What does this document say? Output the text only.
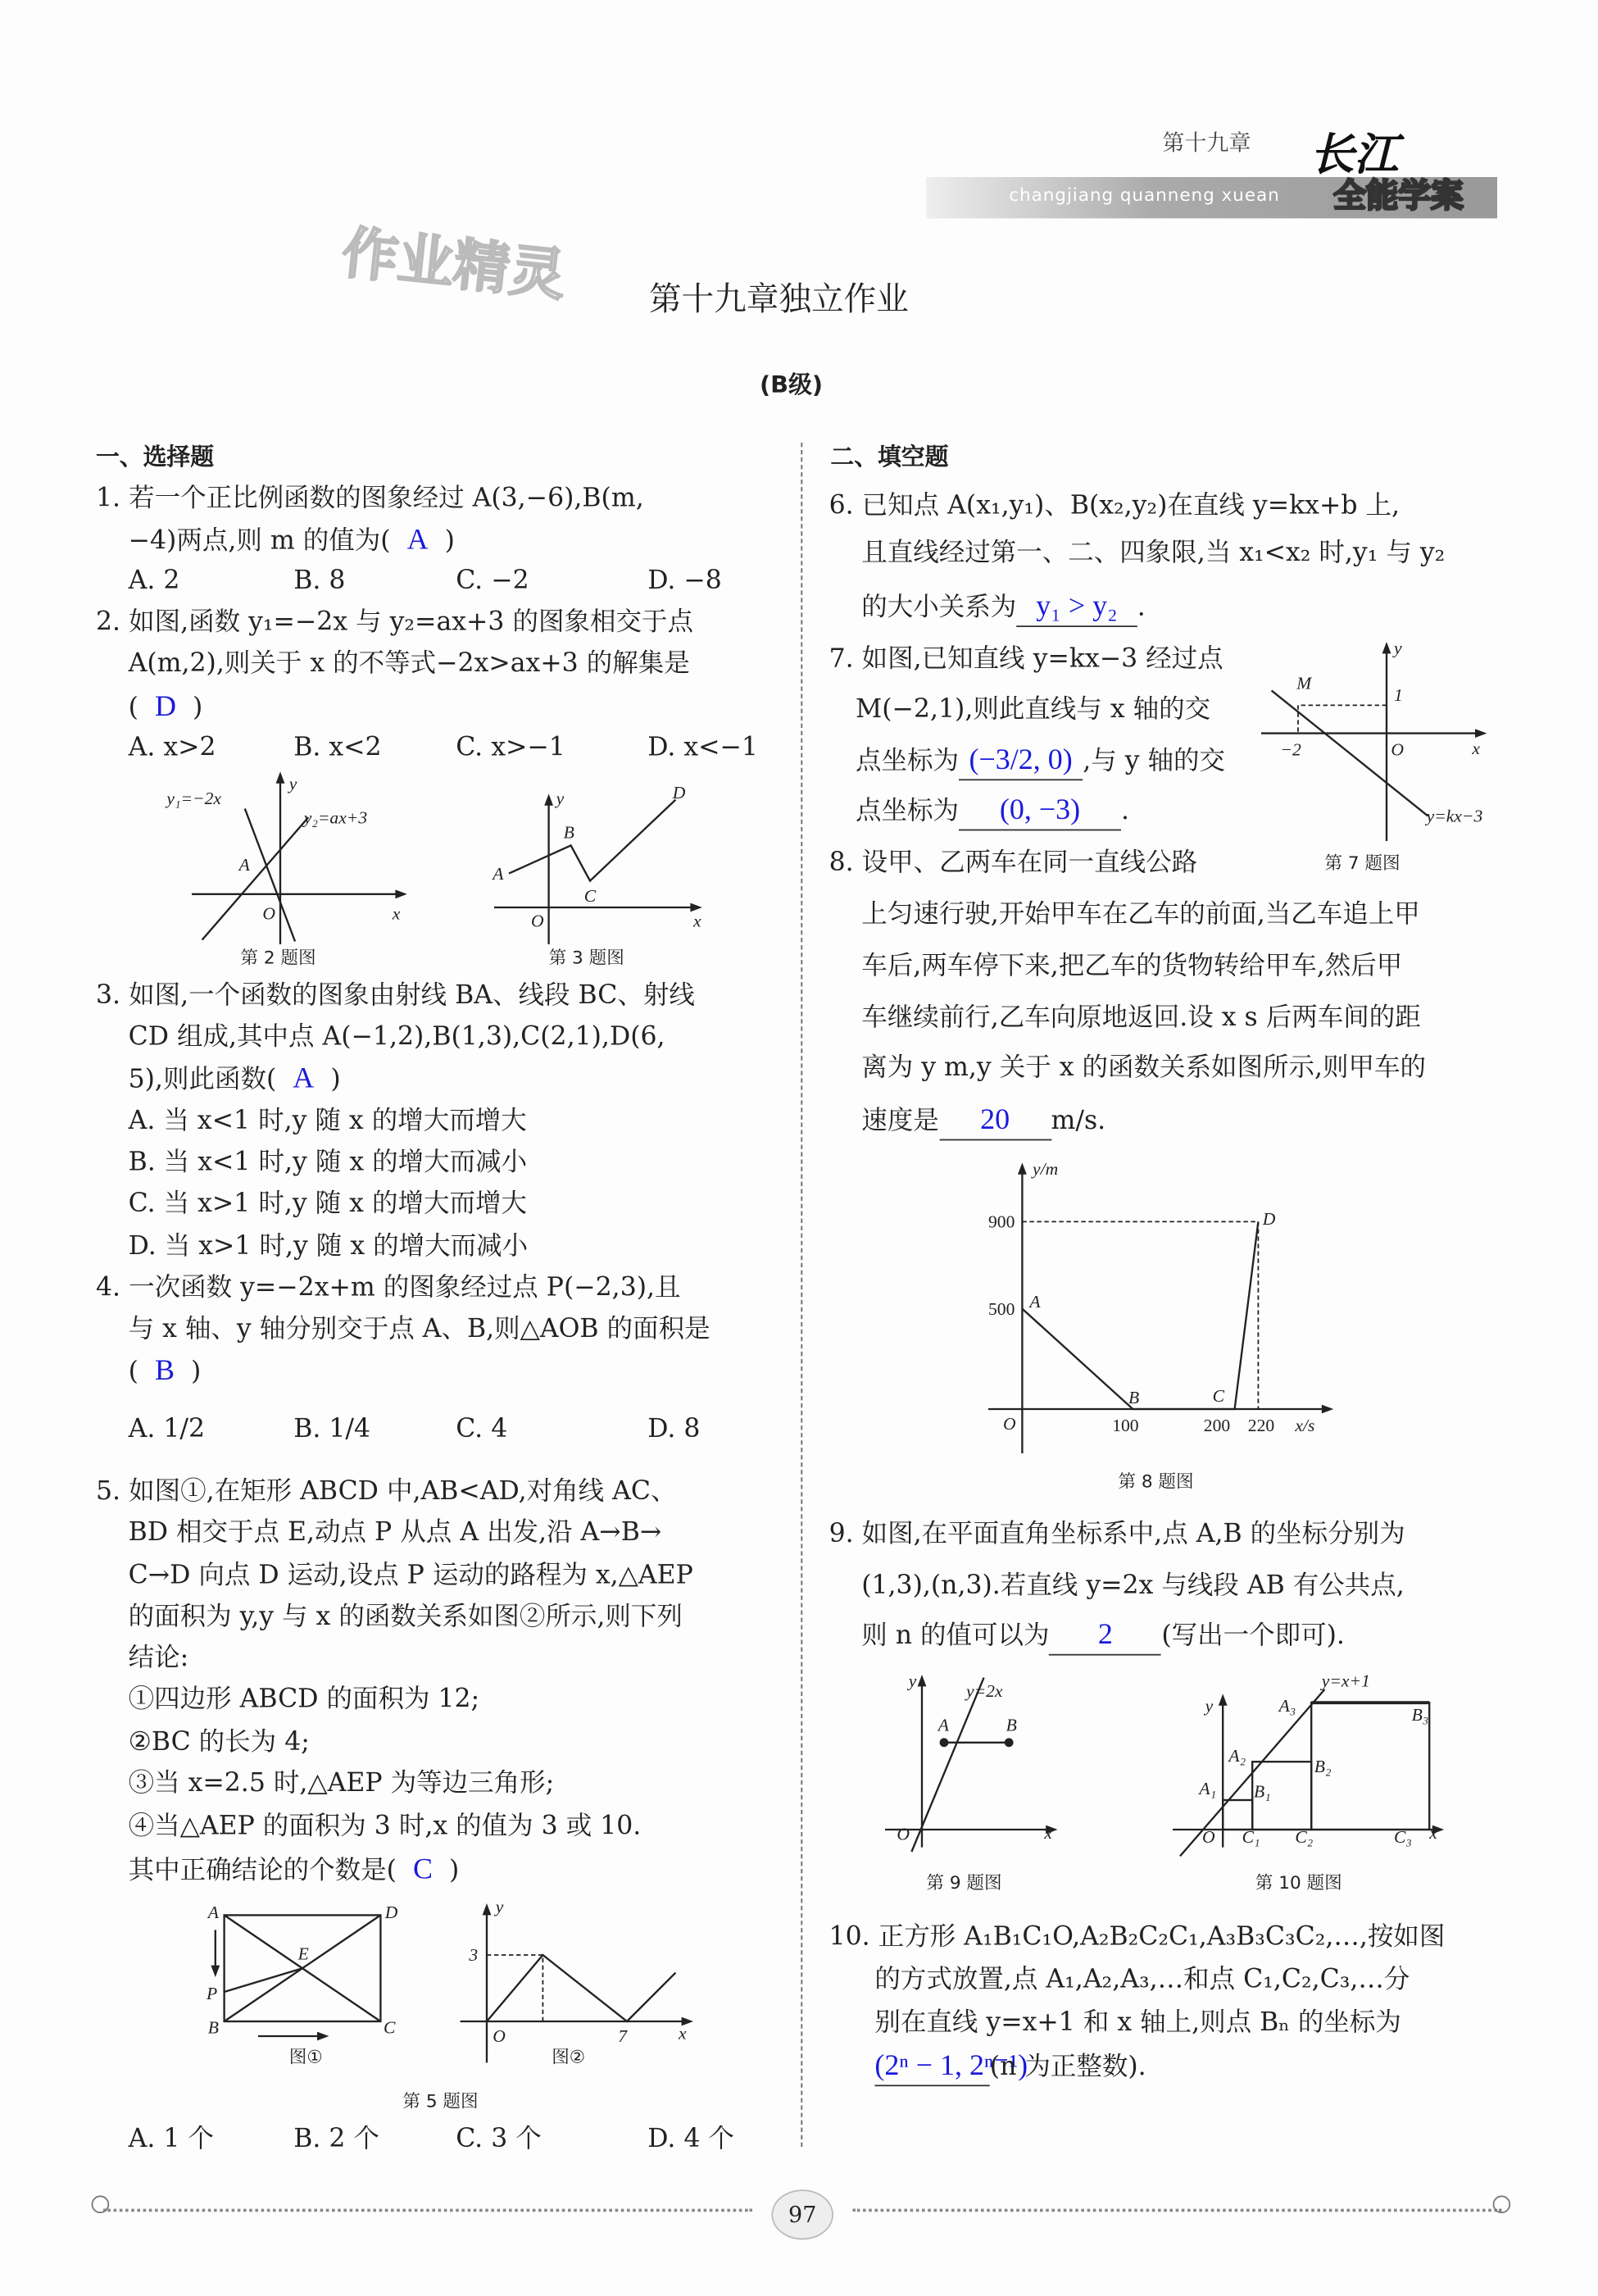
第十九章
changjiang quanneng xuean
长江
全能学案
作业精灵	第十九章独立作业
(B级)
一、选择题
1. 若一个正比例函数的图象经过 A(3,−6),B(m,
−4)两点,则 m 的值为( A )
A. 2	B. 8	C. −2	D. −8
2. 如图,函数 y₁=−2x 与 y₂=ax+3 的图象相交于点
A(m,2),则关于 x 的不等式−2x>ax+3 的解集是
( D )
A. x>2	B. x<2	C. x>−1	D. x<−1
y₁=−2x
y₂=ax+3
A
O	x
y
第 2 题图
A
B
C
D
O	x
y
第 3 题图
3. 如图,一个函数的图象由射线 BA、线段 BC、射线
CD 组成,其中点 A(−1,2),B(1,3),C(2,1),D(6,
5),则此函数( A )
A. 当 x<1 时,y 随 x 的增大而增大
B. 当 x<1 时,y 随 x 的增大而减小
C. 当 x>1 时,y 随 x 的增大而增大
D. 当 x>1 时,y 随 x 的增大而减小
4. 一次函数 y=−2x+m 的图象经过点 P(−2,3),且
与 x 轴、y 轴分别交于点 A、B,则△AOB 的面积是
( B )
A. 1/2	B. 1/4	C. 4	D. 8
5. 如图①,在矩形 ABCD 中,AB<AD,对角线 AC、
BD 相交于点 E,动点 P 从点 A 出发,沿 A→B→
C→D 向点 D 运动,设点 P 运动的路程为 x,△AEP
的面积为 y,y 与 x 的函数关系如图②所示,则下列
结论:
①四边形 ABCD 的面积为 12;
②BC 的长为 4;
③当 x=2.5 时,△AEP 为等边三角形;
④当△AEP 的面积为 3 时,x 的值为 3 或 10.
其中正确结论的个数是( C )
A	D
B	C
E
P
图①
3
y
O	7	x
图②
第 5 题图
A. 1 个	B. 2 个	C. 3 个	D. 4 个
二、填空题
6. 已知点 A(x₁,y₁)、B(x₂,y₂)在直线 y=kx+b 上,
且直线经过第一、二、四象限,当 x₁<x₂ 时,y₁ 与 y₂
的大小关系为 y₁ > y₂ .
7. 如图,已知直线 y=kx−3 经过点
M(−2,1),则此直线与 x 轴的交
点坐标为 (−3/2, 0) ,与 y 轴的交
点坐标为 (0, −3)	.
y
M
1
−2	O	x
y=kx−3
第 7 题图
8. 设甲、乙两车在同一直线公路
上匀速行驶,开始甲车在乙车的前面,当乙车追上甲
车后,两车停下来,把乙车的货物转给甲车,然后甲
车继续前行,乙车向原地返回.设 x s 后两车间的距
离为 y m,y 关于 x 的函数关系如图所示,则甲车的
速度是	20	m/s.
y/m
900
500
O	100	200 220 x/s
A
B	C
D
第 8 题图
9. 如图,在平面直角坐标系中,点 A,B 的坐标分别为
(1,3),(n,3).若直线 y=2x 与线段 AB 有公共点,
则 n 的值可以为	2	(写出一个即可).
y
y=2x
A	B
O	x
第 9 题图
y=x+1
y
A₁
A₂
A₃
B₁
B₂
B₃
O	C₁	C₂	C₃ x
第 10 题图
10. 正方形 A₁B₁C₁O,A₂B₂C₂C₁,A₃B₃C₃C₂,…,按如图
的方式放置,点 A₁,A₂,A₃,…和点 C₁,C₂,C₃,…分
别在直线 y=x+1 和 x 轴上,则点 Bₙ 的坐标为
(2ⁿ − 1, 2ⁿ⁻¹)(n 为正整数).
97
